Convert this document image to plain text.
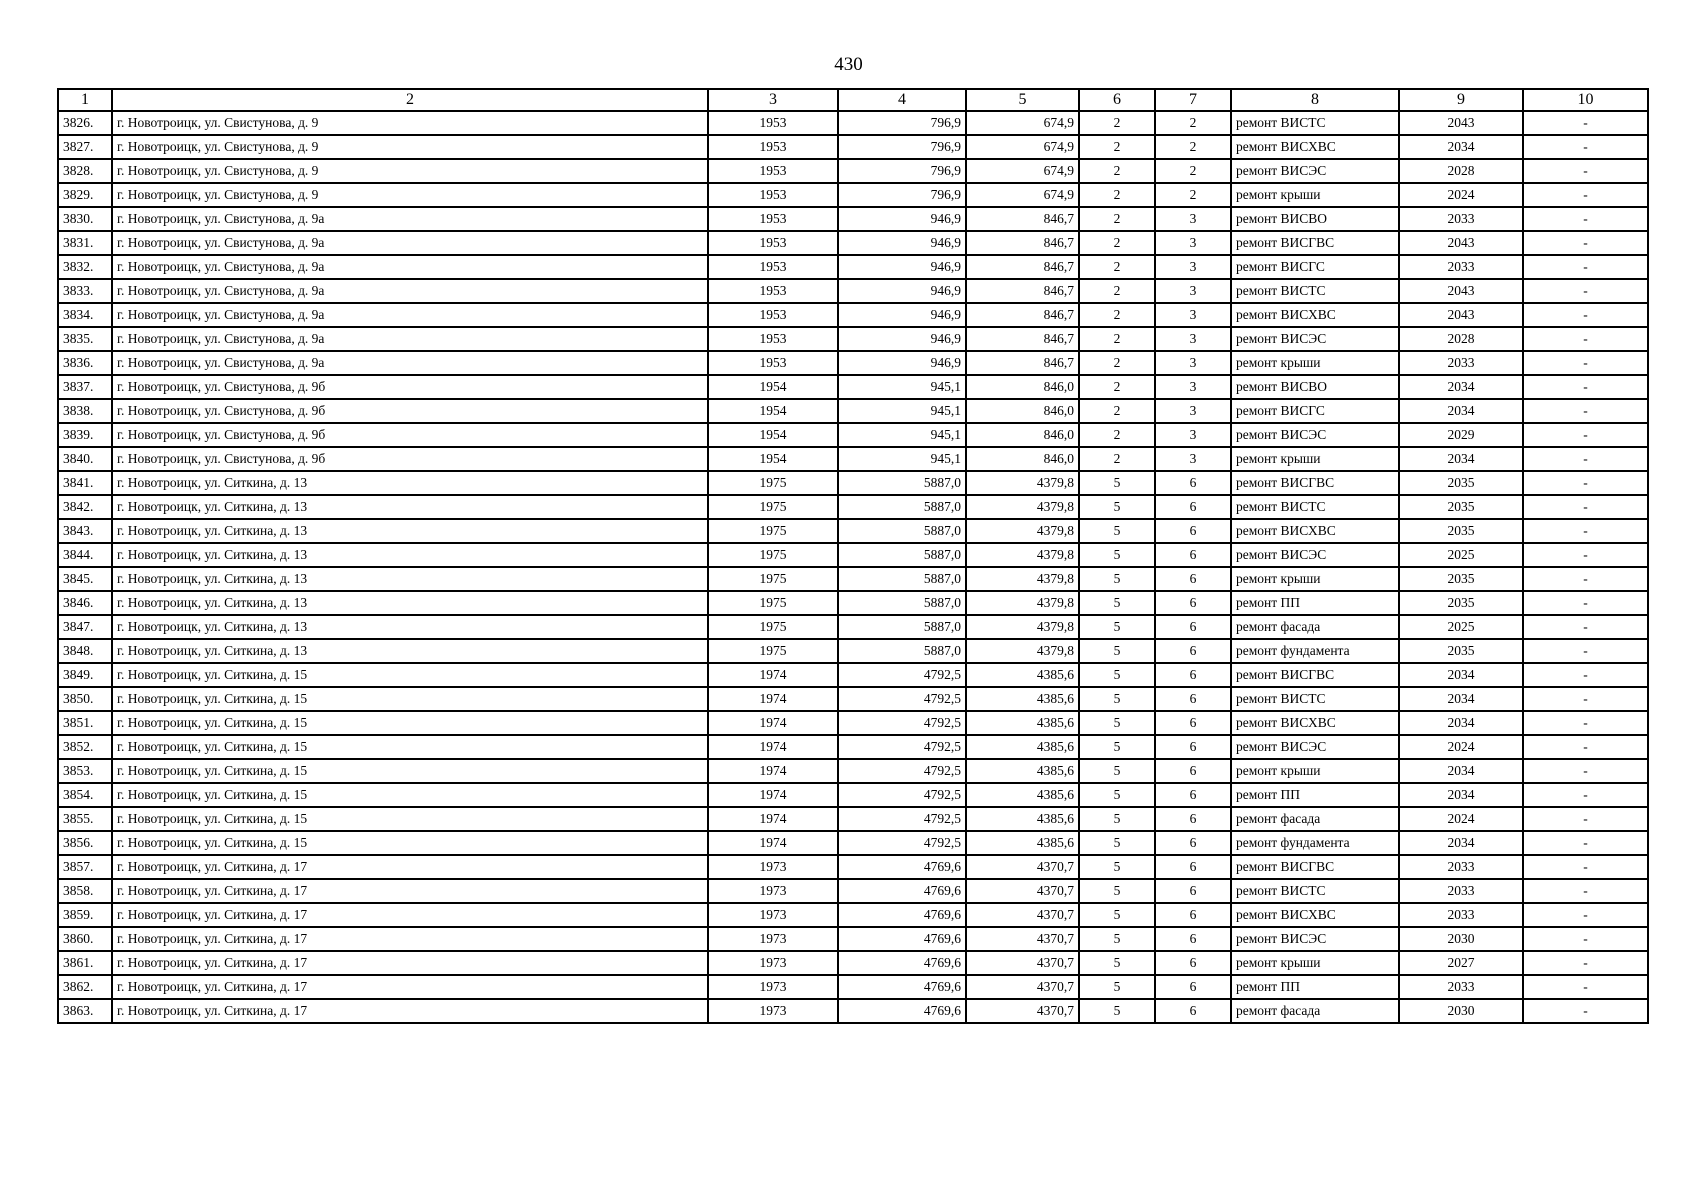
430
1	2	3	4	5	6	7	8	9	10
3826.	г. Новотроицк, ул. Свистунова, д. 9	1953	796,9	674,9	2	2	ремонт ВИСТС	2043	-
3827.	г. Новотроицк, ул. Свистунова, д. 9	1953	796,9	674,9	2	2	ремонт ВИСХВС	2034	-
3828.	г. Новотроицк, ул. Свистунова, д. 9	1953	796,9	674,9	2	2	ремонт ВИСЭС	2028	-
3829.	г. Новотроицк, ул. Свистунова, д. 9	1953	796,9	674,9	2	2	ремонт крыши	2024	-
3830.	г. Новотроицк, ул. Свистунова, д. 9а	1953	946,9	846,7	2	3	ремонт ВИСВО	2033	-
3831.	г. Новотроицк, ул. Свистунова, д. 9а	1953	946,9	846,7	2	3	ремонт ВИСГВС	2043	-
3832.	г. Новотроицк, ул. Свистунова, д. 9а	1953	946,9	846,7	2	3	ремонт ВИСГС	2033	-
3833.	г. Новотроицк, ул. Свистунова, д. 9а	1953	946,9	846,7	2	3	ремонт ВИСТС	2043	-
3834.	г. Новотроицк, ул. Свистунова, д. 9а	1953	946,9	846,7	2	3	ремонт ВИСХВС	2043	-
3835.	г. Новотроицк, ул. Свистунова, д. 9а	1953	946,9	846,7	2	3	ремонт ВИСЭС	2028	-
3836.	г. Новотроицк, ул. Свистунова, д. 9а	1953	946,9	846,7	2	3	ремонт крыши	2033	-
3837.	г. Новотроицк, ул. Свистунова, д. 9б	1954	945,1	846,0	2	3	ремонт ВИСВО	2034	-
3838.	г. Новотроицк, ул. Свистунова, д. 9б	1954	945,1	846,0	2	3	ремонт ВИСГС	2034	-
3839.	г. Новотроицк, ул. Свистунова, д. 9б	1954	945,1	846,0	2	3	ремонт ВИСЭС	2029	-
3840.	г. Новотроицк, ул. Свистунова, д. 9б	1954	945,1	846,0	2	3	ремонт крыши	2034	-
3841.	г. Новотроицк, ул. Ситкина, д. 13	1975	5887,0	4379,8	5	6	ремонт ВИСГВС	2035	-
3842.	г. Новотроицк, ул. Ситкина, д. 13	1975	5887,0	4379,8	5	6	ремонт ВИСТС	2035	-
3843.	г. Новотроицк, ул. Ситкина, д. 13	1975	5887,0	4379,8	5	6	ремонт ВИСХВС	2035	-
3844.	г. Новотроицк, ул. Ситкина, д. 13	1975	5887,0	4379,8	5	6	ремонт ВИСЭС	2025	-
3845.	г. Новотроицк, ул. Ситкина, д. 13	1975	5887,0	4379,8	5	6	ремонт крыши	2035	-
3846.	г. Новотроицк, ул. Ситкина, д. 13	1975	5887,0	4379,8	5	6	ремонт ПП	2035	-
3847.	г. Новотроицк, ул. Ситкина, д. 13	1975	5887,0	4379,8	5	6	ремонт фасада	2025	-
3848.	г. Новотроицк, ул. Ситкина, д. 13	1975	5887,0	4379,8	5	6	ремонт фундамента	2035	-
3849.	г. Новотроицк, ул. Ситкина, д. 15	1974	4792,5	4385,6	5	6	ремонт ВИСГВС	2034	-
3850.	г. Новотроицк, ул. Ситкина, д. 15	1974	4792,5	4385,6	5	6	ремонт ВИСТС	2034	-
3851.	г. Новотроицк, ул. Ситкина, д. 15	1974	4792,5	4385,6	5	6	ремонт ВИСХВС	2034	-
3852.	г. Новотроицк, ул. Ситкина, д. 15	1974	4792,5	4385,6	5	6	ремонт ВИСЭС	2024	-
3853.	г. Новотроицк, ул. Ситкина, д. 15	1974	4792,5	4385,6	5	6	ремонт крыши	2034	-
3854.	г. Новотроицк, ул. Ситкина, д. 15	1974	4792,5	4385,6	5	6	ремонт ПП	2034	-
3855.	г. Новотроицк, ул. Ситкина, д. 15	1974	4792,5	4385,6	5	6	ремонт фасада	2024	-
3856.	г. Новотроицк, ул. Ситкина, д. 15	1974	4792,5	4385,6	5	6	ремонт фундамента	2034	-
3857.	г. Новотроицк, ул. Ситкина, д. 17	1973	4769,6	4370,7	5	6	ремонт ВИСГВС	2033	-
3858.	г. Новотроицк, ул. Ситкина, д. 17	1973	4769,6	4370,7	5	6	ремонт ВИСТС	2033	-
3859.	г. Новотроицк, ул. Ситкина, д. 17	1973	4769,6	4370,7	5	6	ремонт ВИСХВС	2033	-
3860.	г. Новотроицк, ул. Ситкина, д. 17	1973	4769,6	4370,7	5	6	ремонт ВИСЭС	2030	-
3861.	г. Новотроицк, ул. Ситкина, д. 17	1973	4769,6	4370,7	5	6	ремонт крыши	2027	-
3862.	г. Новотроицк, ул. Ситкина, д. 17	1973	4769,6	4370,7	5	6	ремонт ПП	2033	-
3863.	г. Новотроицк, ул. Ситкина, д. 17	1973	4769,6	4370,7	5	6	ремонт фасада	2030	-
